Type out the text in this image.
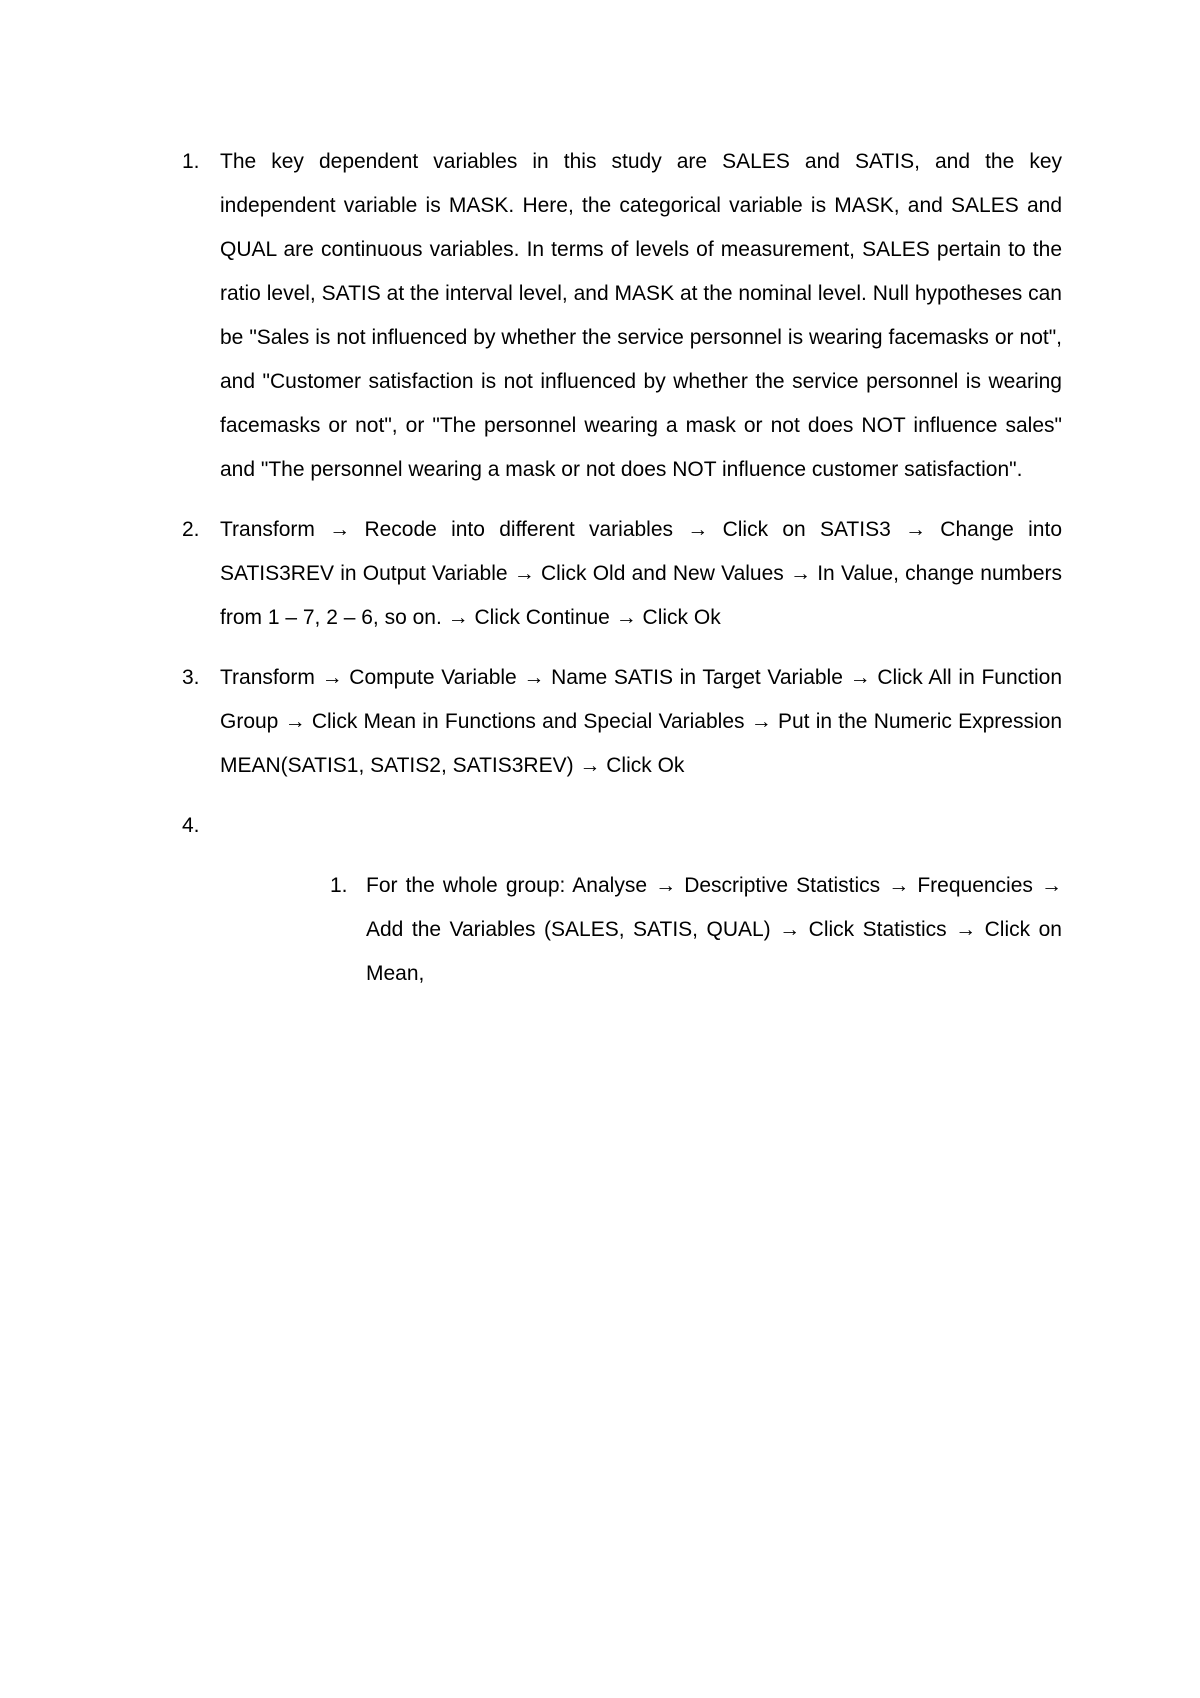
1. The key dependent variables in this study are SALES and SATIS, and the key independent variable is MASK. Here, the categorical variable is MASK, and SALES and QUAL are continuous variables. In terms of levels of measurement, SALES pertain to the ratio level, SATIS at the interval level, and MASK at the nominal level. Null hypotheses can be "Sales is not influenced by whether the service personnel is wearing facemasks or not", and "Customer satisfaction is not influenced by whether the service personnel is wearing facemasks or not", or "The personnel wearing a mask or not does NOT influence sales" and "The personnel wearing a mask or not does NOT influence customer satisfaction".

2. Transform → Recode into different variables → Click on SATIS3 → Change into SATIS3REV in Output Variable → Click Old and New Values → In Value, change numbers from 1 – 7, 2 – 6, so on. → Click Continue → Click Ok

3. Transform → Compute Variable → Name SATIS in Target Variable → Click All in Function Group → Click Mean in Functions and Special Variables → Put in the Numeric Expression MEAN(SATIS1, SATIS2, SATIS3REV) → Click Ok

4.
1. For the whole group: Analyse → Descriptive Statistics → Frequencies → Add the Variables (SALES, SATIS, QUAL) → Click Statistics → Click on Mean,
